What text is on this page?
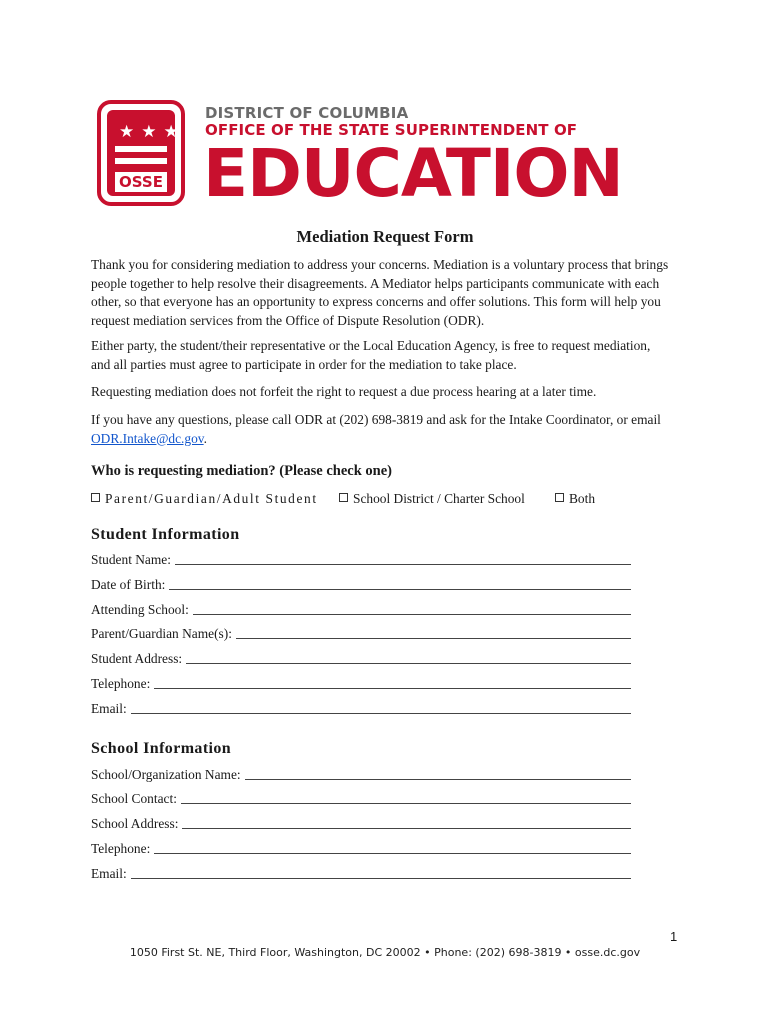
★★★
OSSE
DISTRICT OF COLUMBIA
OFFICE OF THE STATE SUPERINTENDENT OF
EDUCATION
Mediation Request Form

Thank you for considering mediation to address your concerns. Mediation is a voluntary process that brings people together to help resolve their disagreements. A Mediator helps participants communicate with each other, so that everyone has an opportunity to express concerns and offer solutions. This form will help you request mediation services from the Office of Dispute Resolution (ODR).

Either party, the student/their representative or the Local Education Agency, is free to request mediation, and all parties must agree to participate in order for the mediation to take place.

Requesting mediation does not forfeit the right to request a due process hearing at a later time.

If you have any questions, please call ODR at (202) 698-3819 and ask for the Intake Coordinator, or email ODR.Intake@dc.gov.

Who is requesting mediation? (Please check one)
Parent/Guardian/Adult Student	School District / Charter School	Both
Student Information
Student Name:
Date of Birth:
Attending School:
Parent/Guardian Name(s):
Student Address:
Telephone:
Email:
School Information
School/Organization Name:
School Contact:
School Address:
Telephone:
Email:
1
1050 First St. NE, Third Floor, Washington, DC 20002 • Phone: (202) 698-3819 • osse.dc.gov
